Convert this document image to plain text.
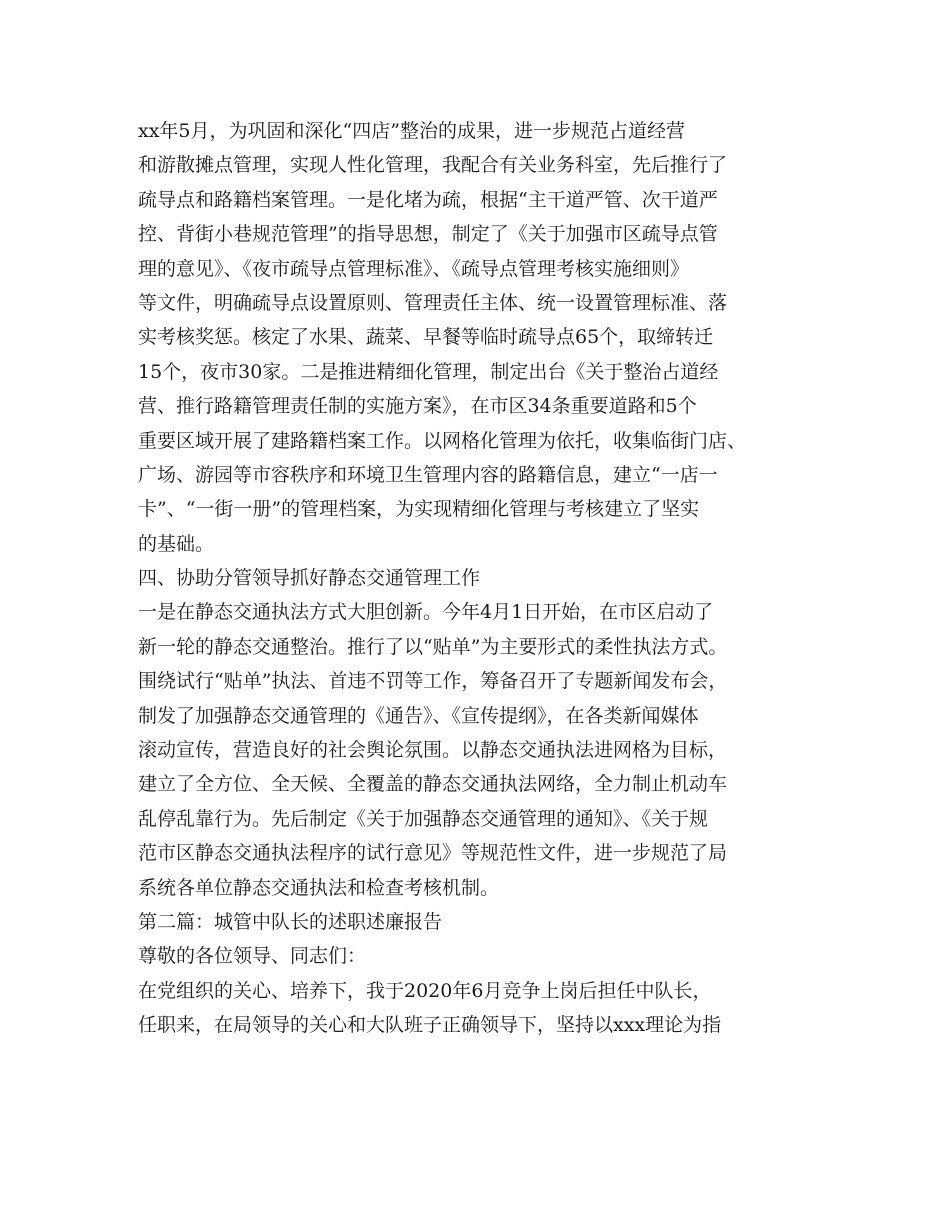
xx年5月，为巩固和深化“四店”整治的成果，进一步规范占道经营
和游散摊点管理，实现人性化管理，我配合有关业务科室，先后推行了
疏导点和路籍档案管理。一是化堵为疏，根据“主干道严管、次干道严
控、背街小巷规范管理”的指导思想，制定了《关于加强市区疏导点管
理的意见》、《夜市疏导点管理标准》、《疏导点管理考核实施细则》
等文件，明确疏导点设置原则、管理责任主体、统一设置管理标准、落
实考核奖惩。核定了水果、蔬菜、早餐等临时疏导点65个，取缔转迁
15个，夜市30家。二是推进精细化管理，制定出台《关于整治占道经
营、推行路籍管理责任制的实施方案》，在市区34条重要道路和5个
重要区域开展了建路籍档案工作。以网格化管理为依托，收集临街门店、
广场、游园等市容秩序和环境卫生管理内容的路籍信息，建立“一店一
卡”、“一街一册”的管理档案，为实现精细化管理与考核建立了坚实
的基础。
四、协助分管领导抓好静态交通管理工作
一是在静态交通执法方式大胆创新。今年4月1日开始，在市区启动了
新一轮的静态交通整治。推行了以“贴单”为主要形式的柔性执法方式。
围绕试行“贴单”执法、首违不罚等工作，筹备召开了专题新闻发布会，
制发了加强静态交通管理的《通告》、《宣传提纲》，在各类新闻媒体
滚动宣传，营造良好的社会舆论氛围。以静态交通执法进网格为目标，
建立了全方位、全天候、全覆盖的静态交通执法网络，全力制止机动车
乱停乱靠行为。先后制定《关于加强静态交通管理的通知》、《关于规
范市区静态交通执法程序的试行意见》等规范性文件，进一步规范了局
系统各单位静态交通执法和检查考核机制。
第二篇：城管中队长的述职述廉报告
尊敬的各位领导、同志们：
在党组织的关心、培养下，我于2020年6月竞争上岗后担任中队长，
任职来，在局领导的关心和大队班子正确领导下，坚持以xxx理论为指
